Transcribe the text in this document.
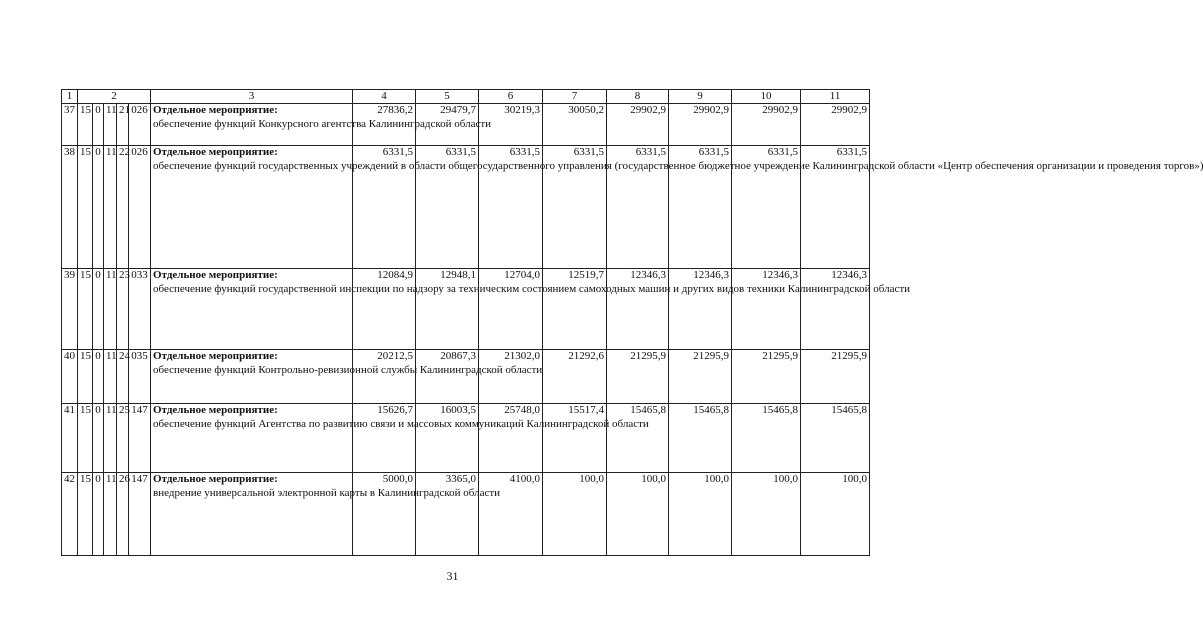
1	2					3	4	5	6	7	8	9	10	11
37	15	0	11	21	026	Отдельное мероприятие:
обеспечение функций Конкурсного агентства Калининградской области	27836,2	29479,7	30219,3	30050,2	29902,9	29902,9	29902,9	29902,9
38	15	0	11	22	026	Отдельное мероприятие:
обеспечение функций государственных учреждений в области общегосударственного управления (государственное бюджетное учреждение Калининградской области «Центр обеспечения организации и проведения торгов»)	6331,5	6331,5	6331,5	6331,5	6331,5	6331,5	6331,5	6331,5
39	15	0	11	23	033	Отдельное мероприятие:
обеспечение функций государственной инспекции по надзору за техническим состоянием самоходных машин и других видов техники Калининградской области	12084,9	12948,1	12704,0	12519,7	12346,3	12346,3	12346,3	12346,3
40	15	0	11	24	035	Отдельное мероприятие:
обеспечение функций Контрольно-ревизионной службы Калининградской области	20212,5	20867,3	21302,0	21292,6	21295,9	21295,9	21295,9	21295,9
41	15	0	11	25	147	Отдельное мероприятие:
обеспечение функций Агентства по развитию связи и массовых коммуникаций Калининградской области	15626,7	16003,5	25748,0	15517,4	15465,8	15465,8	15465,8	15465,8
42	15	0	11	26	147	Отдельное мероприятие:
внедрение универсальной электронной карты в Калининградской области	5000,0	3365,0	4100,0	100,0	100,0	100,0	100,0	100,0
31
